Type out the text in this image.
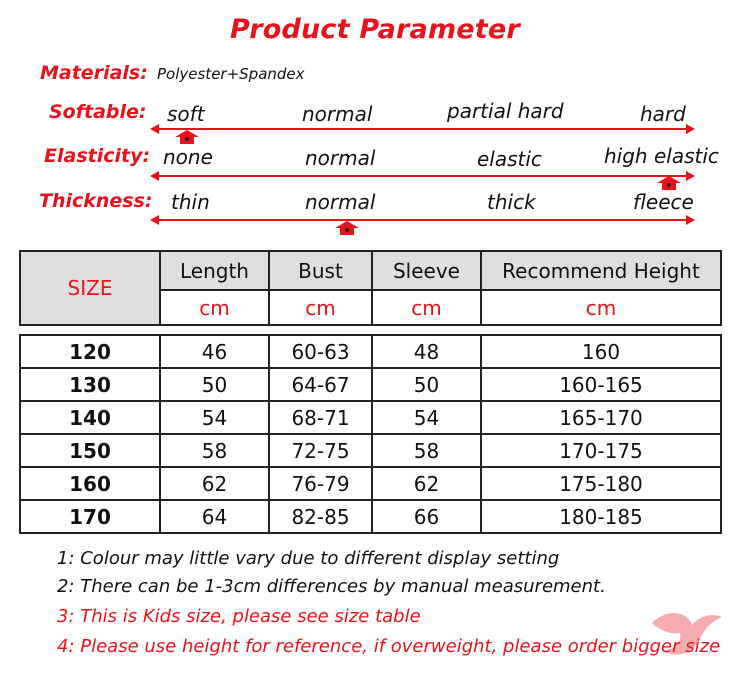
Product Parameter
Materials: Polyester+Spandex
Softable: soft	normal	partial hard	hard
Elasticity: none	normal	elastic	high elastic
Thickness: thin	normal	thick	fleece
SIZE	Length	Bust	Sleeve	Recommend Height
	cm	cm	cm	cm

120	46	60-63	48	160
130	50	64-67	50	160-165
140	54	68-71	54	165-170
150	58	72-75	58	170-175
160	62	76-79	62	175-180
170	64	82-85	66	180-185
1: Colour may little vary due to different display setting
2: There can be 1-3cm differences by manual measurement.
3: This is Kids size, please see size table
4: Please use height for reference, if overweight, please order bigger size
